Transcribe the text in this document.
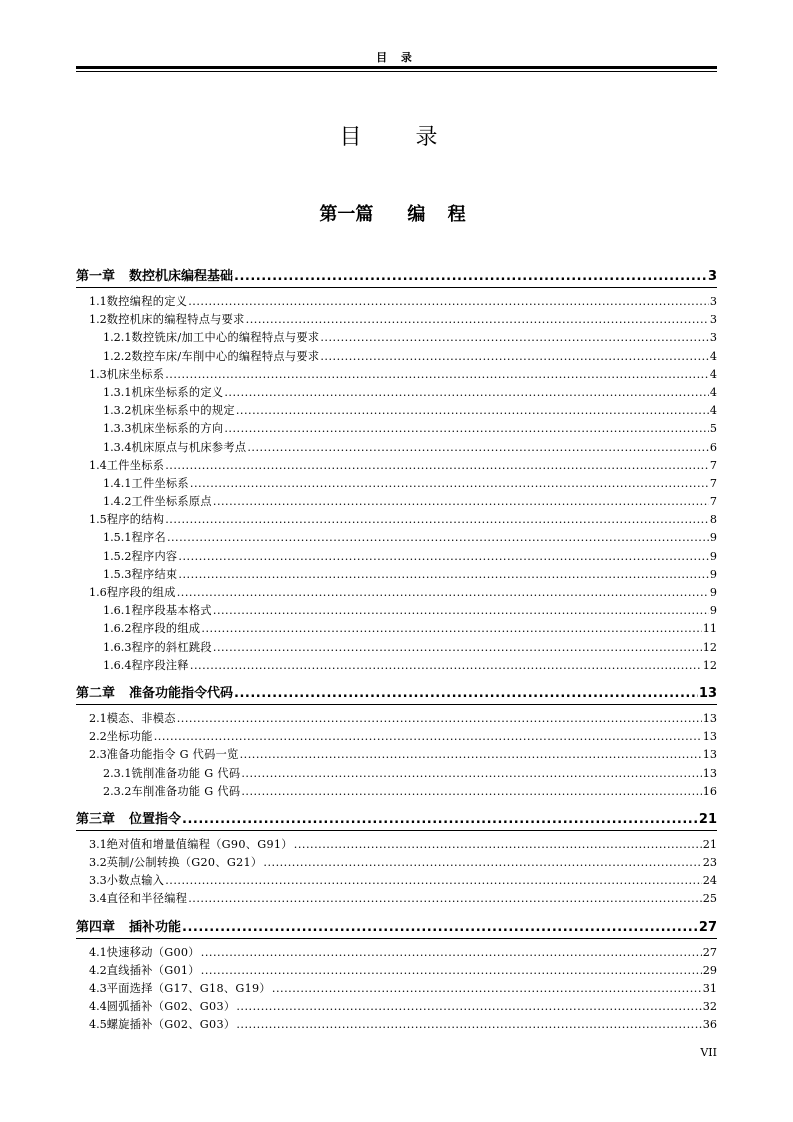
目 录
目　录
第一篇 编 程
第一章 数控机床编程基础 .....	3
1.1 数控编程的定义 .....	3
1.2 数控机床的编程特点与要求 .....	3
1.2.1 数控铣床/加工中心的编程特点与要求 .....	3
1.2.2 数控车床/车削中心的编程特点与要求 .....	4
1.3 机床坐标系 .....	4
1.3.1 机床坐标系的定义 .....	4
1.3.2 机床坐标系中的规定 .....	4
1.3.3 机床坐标系的方向 .....	5
1.3.4 机床原点与机床参考点 .....	6
1.4 工件坐标系 .....	7
1.4.1 工件坐标系 .....	7
1.4.2 工件坐标系原点 .....	7
1.5 程序的结构 .....	8
1.5.1 程序名 .....	9
1.5.2 程序内容 .....	9
1.5.3 程序结束 .....	9
1.6 程序段的组成 .....	9
1.6.1 程序段基本格式 .....	9
1.6.2 程序段的组成 .....	11
1.6.3 程序的斜杠跳段 .....	12
1.6.4 程序段注释 .....	12
第二章 准备功能指令代码 .....	13
2.1 模态、非模态 .....	13
2.2 坐标功能 .....	13
2.3 准备功能指令 G 代码一览 .....	13
2.3.1 铣削准备功能 G 代码 .....	13
2.3.2 车削准备功能 G 代码 .....	16
第三章 位置指令 .....	21
3.1 绝对值和增量值编程（G90、G91） .....	21
3.2 英制/公制转换（G20、G21） .....	23
3.3 小数点输入 .....	24
3.4 直径和半径编程 .....	25
第四章 插补功能 .....	27
4.1 快速移动（G00） .....	27
4.2 直线插补（G01） .....	29
4.3 平面选择（G17、G18、G19） .....	31
4.4 圆弧插补（G02、G03） .....	32
4.5 螺旋插补（G02、G03） .....	36
VII
